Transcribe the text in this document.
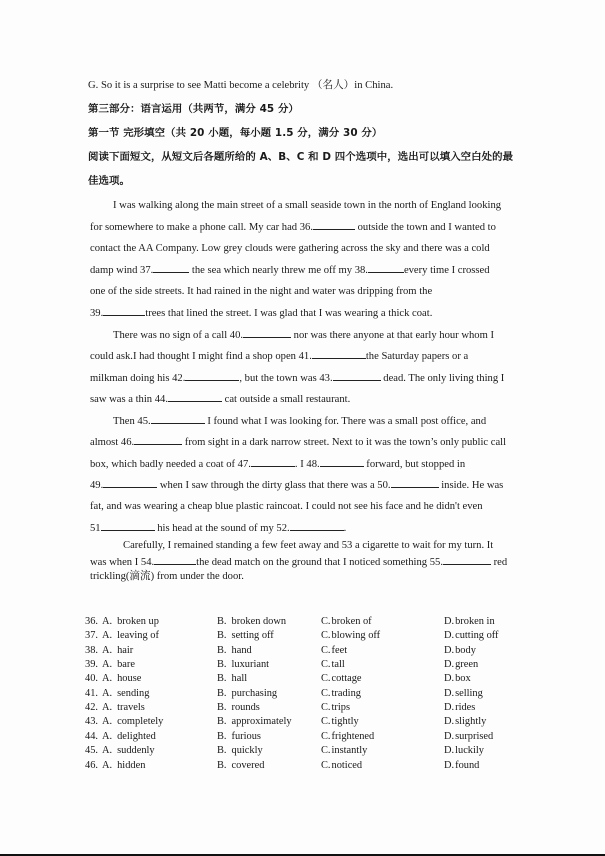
G. So it is a surprise to see Matti become a celebrity （名人）in China.
第三部分：语言运用（共两节，满分 45 分）
第一节 完形填空（共 20 小题，每小题 1.5 分，满分 30 分）
阅读下面短文，从短文后各题所给的 A、B、C 和 D 四个选项中，选出可以填入空白处的最
佳选项。
I was walking along the main street of a small seaside town in the north of England looking
for somewhere to make a phone call. My car had 36.	outside the town and I wanted to
contact the AA Company. Low grey clouds were gathering across the sky and there was a cold
damp wind 37.	the sea which nearly threw me off my 38.	every time I crossed
one of the side streets. It had rained in the night and water was dripping from the
39.	trees that lined the street. I was glad that I was wearing a thick coat.
There was no sign of a call 40.	nor was there anyone at that early hour whom I
could ask.I had thought I might find a shop open 41.	the Saturday papers or a
milkman doing his 42.	, but the town was 43.	dead. The only living thing I
saw was a thin 44.	cat outside a small restaurant.
Then 45.	I found what I was looking for. There was a small post office, and
almost 46.	from sight in a dark narrow street. Next to it was the town’s only public call
box, which badly needed a coat of 47.	. I 48.	forward, but stopped in
49.	when I saw through the dirty glass that there was a 50.	inside. He was
fat, and was wearing a cheap blue plastic raincoat. I could not see his face and he didn't even
51	his head at the sound of my 52.	.
Carefully, I remained standing a few feet away and 53 a cigarette to wait for my turn. It
was when I 54.	the dead match on the ground that I noticed something 55.	red
trickling(滴流) from under the door.
36. A. broken up	B. broken down	C.broken of	D.broken in
37. A. leaving of	B. setting off	C.blowing off	D.cutting off
38. A. hair	B. hand	C.feet	D.body
39. A. bare	B. luxuriant	C.tall	D.green
40. A. house	B. hall	C.cottage	D.box
41. A. sending	B. purchasing	C.trading	D.selling
42. A. travels	B. rounds	C.trips	D.rides
43. A. completely	B. approximately	C.tightly	D.slightly
44. A. delighted	B. furious	C.frightened	D.surprised
45. A. suddenly	B. quickly	C.instantly	D.luckily
46. A. hidden	B. covered	C.noticed	D.found
